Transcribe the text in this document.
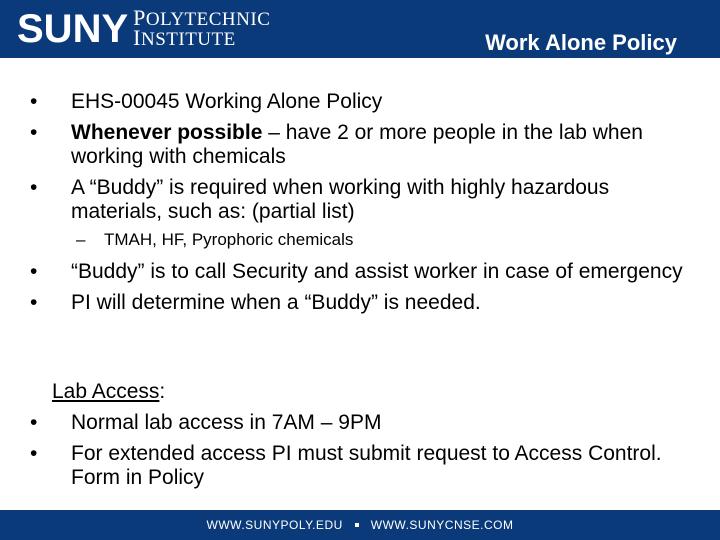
SUNY POLYTECHNIC
INSTITUTE	Work Alone Policy
• EHS-00045 Working Alone Policy
• Whenever possible – have 2 or more people in the lab when working with chemicals
• A “Buddy” is required when working with highly hazardous materials, such as: (partial list)
– TMAH, HF, Pyrophoric chemicals
• “Buddy” is to call Security and assist worker in case of emergency
• PI will determine when a “Buddy” is needed.
Lab Access:
• Normal lab access in 7AM – 9PM
• For extended access PI must submit request to Access Control. Form in Policy
WWW.SUNYPOLY.EDU WWW.SUNYCNSE.COM
